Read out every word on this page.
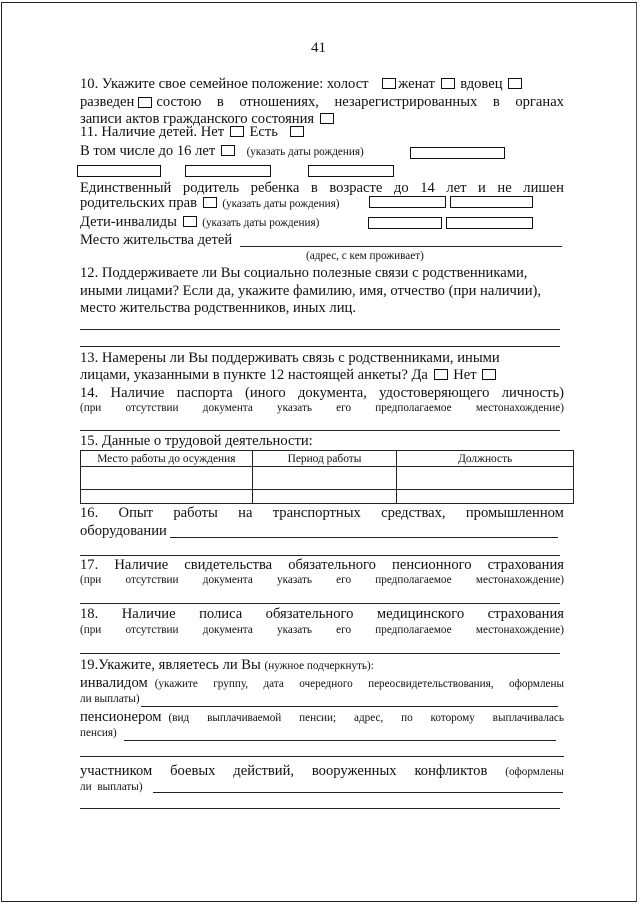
41
10. Укажите свое семейное положение: холост женат вдовец
разведен состою в отношениях, незарегистрированных в органах
записи актов гражданского состояния
11. Наличие детей. Нет Есть
В том числе до 16 лет	(указать даты рождения)
Единственный родитель ребенка в возрасте до 14 лет и не лишен
родительских прав (указать даты рождения)
Дети-инвалиды (указать даты рождения)
Место жительства детей
(адрес, с кем проживает)
12. Поддерживаете ли Вы социально полезные связи с родственниками,
иными лицами? Если да, укажите фамилию, имя, отчество (при наличии),
место жительства родственников, иных лиц.
13. Намерены ли Вы поддерживать связь с родственниками, иными
лицами, указанными в пункте 12 настоящей анкеты? Да Нет
14. Наличие паспорта (иного документа, удостоверяющего личность)
(при отсутствии документа указать его предполагаемое местонахождение)
15. Данные о трудовой деятельности:
Место работы до осуждения	Период работы	Должность

16. Опыт работы на транспортных средствах, промышленном
оборудовании
17. Наличие свидетельства обязательного пенсионного страхования
(при отсутствии документа указать его предполагаемое местонахождение)
18. Наличие полиса обязательного медицинского страхования
(при отсутствии документа указать его предполагаемое местонахождение)
19.Укажите, являетесь ли Вы (нужное подчеркнуть):
инвалидом (укажите группу, дата очередного переосвидетельствования, оформлены
ли выплаты)
пенсионером (вид выплачиваемой пенсии; адрес, по которому выплачивалась
пенсия)
участником боевых действий, вооруженных конфликтов (оформлены
ли выплаты)
